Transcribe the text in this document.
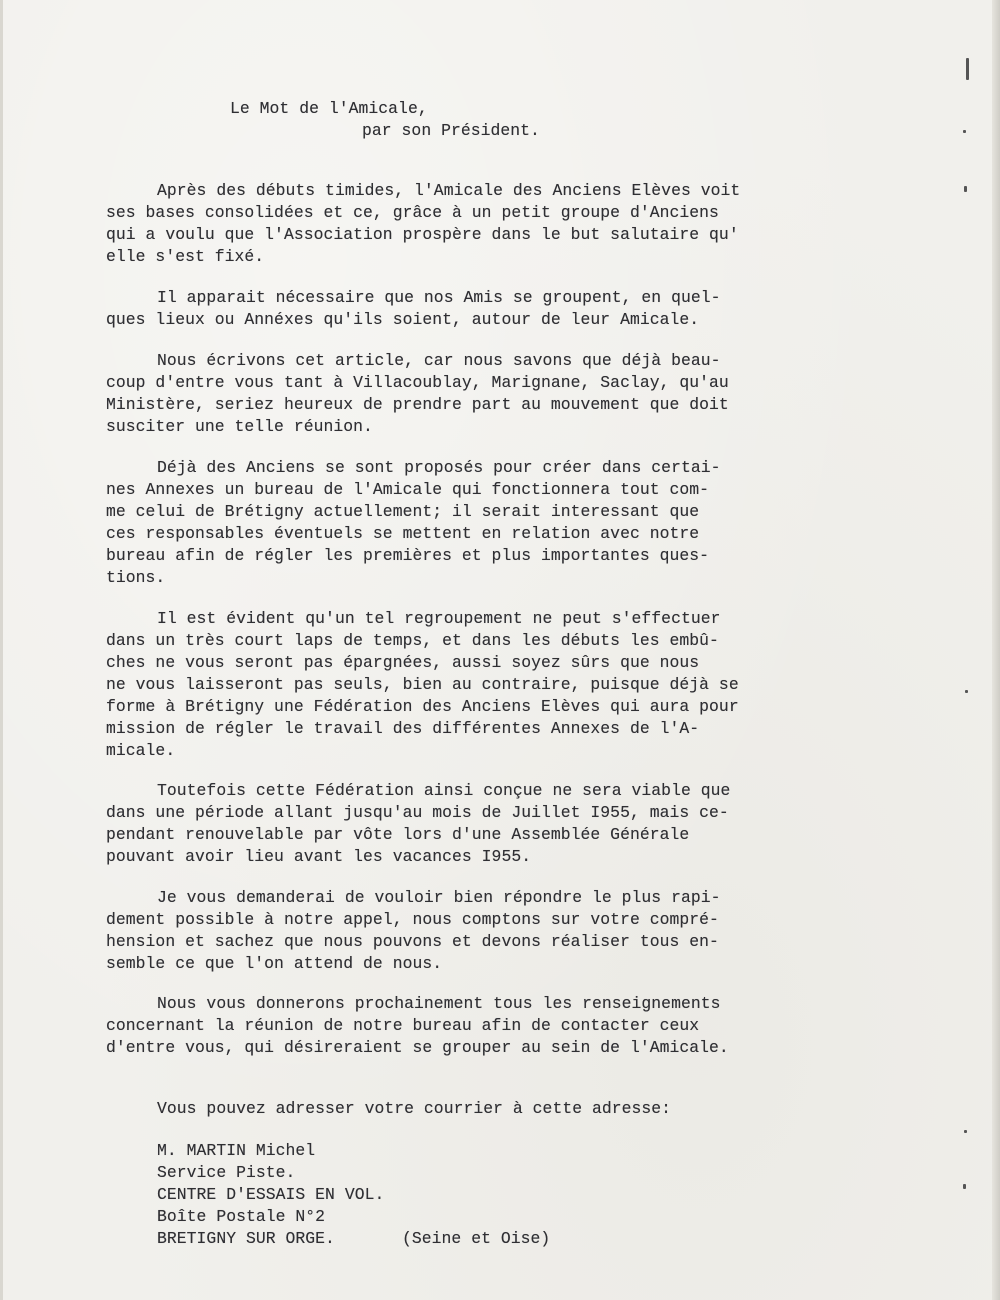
Le Mot de l'Amicale,
par son Président.
Après des débuts timides, l'Amicale des Anciens Elèves voit
ses bases consolidées et ce, grâce à un petit groupe d'Anciens
qui a voulu que l'Association prospère dans le but salutaire qu'
elle s'est fixé.
Il apparait nécessaire que nos Amis se groupent, en quel-
ques lieux ou Annéxes qu'ils soient, autour de leur Amicale.
Nous écrivons cet article, car nous savons que déjà beau-
coup d'entre vous tant à Villacoublay, Marignane, Saclay, qu'au
Ministère, seriez heureux de prendre part au mouvement que doit
susciter une telle réunion.
Déjà des Anciens se sont proposés pour créer dans certai-
nes Annexes un bureau de l'Amicale qui fonctionnera tout com-
me celui de Brétigny actuellement; il serait interessant que
ces responsables éventuels se mettent en relation avec notre
bureau afin de régler les premières et plus importantes ques-
tions.
Il est évident qu'un tel regroupement ne peut s'effectuer
dans un très court laps de temps, et dans les débuts les embû-
ches ne vous seront pas épargnées, aussi soyez sûrs que nous
ne vous laisseront pas seuls, bien au contraire, puisque déjà se
forme à Brétigny une Fédération des Anciens Elèves qui aura pour
mission de régler le travail des différentes Annexes de l'A-
micale.
Toutefois cette Fédération ainsi conçue ne sera viable que
dans une période allant jusqu'au mois de Juillet I955, mais ce-
pendant renouvelable par vôte lors d'une Assemblée Générale
pouvant avoir lieu avant les vacances I955.
Je vous demanderai de vouloir bien répondre le plus rapi-
dement possible à notre appel, nous comptons sur votre compré-
hension et sachez que nous pouvons et devons réaliser tous en-
semble ce que l'on attend de nous.
Nous vous donnerons prochainement tous les renseignements
concernant la réunion de notre bureau afin de contacter ceux
d'entre vous, qui désireraient se grouper au sein de l'Amicale.
Vous pouvez adresser votre courrier à cette adresse:
M. MARTIN Michel
Service Piste.
CENTRE D'ESSAIS EN VOL.
Boîte Postale N°2
BRETIGNY SUR ORGE.	(Seine et Oise)
